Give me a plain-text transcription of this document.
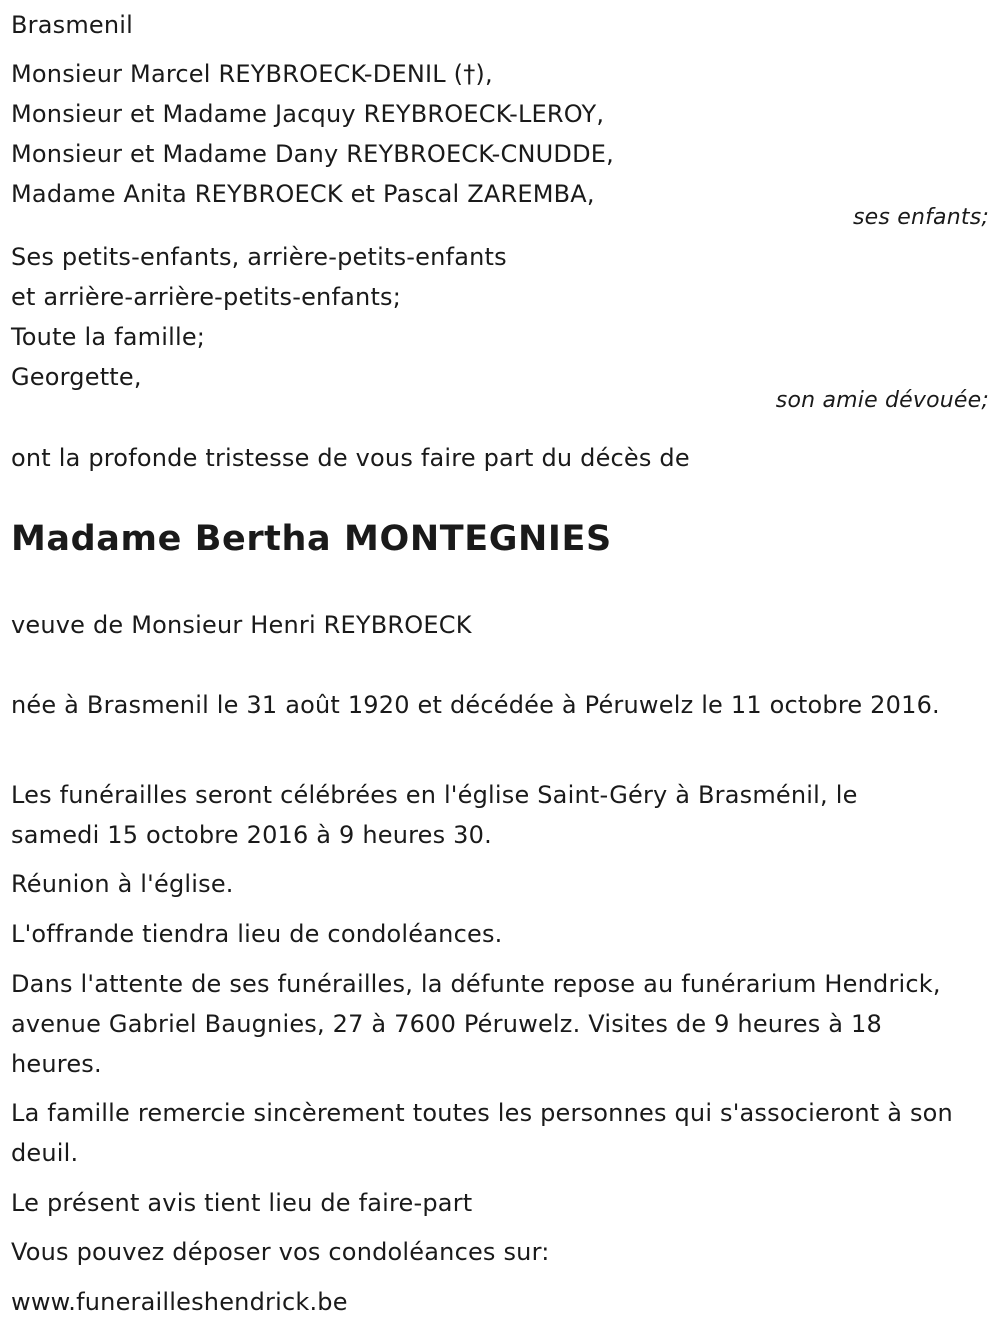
Brasmenil
Monsieur Marcel REYBROECK-DENIL (†),
Monsieur et Madame Jacquy REYBROECK-LEROY,
Monsieur et Madame Dany REYBROECK-CNUDDE,
Madame Anita REYBROECK et Pascal ZAREMBA,
ses enfants;
Ses petits-enfants, arrière-petits-enfants
et arrière-arrière-petits-enfants;
Toute la famille;
Georgette,
son amie dévouée;
ont la profonde tristesse de vous faire part du décès de
Madame Bertha MONTEGNIES
veuve de Monsieur Henri REYBROECK
née à Brasmenil le 31 août 1920 et décédée à Péruwelz le 11 octobre 2016.
Les funérailles seront célébrées en l'église Saint-Géry à Brasménil, le samedi 15 octobre 2016 à 9 heures 30.
Réunion à l'église.
L'offrande tiendra lieu de condoléances.
Dans l'attente de ses funérailles, la défunte repose au funérarium Hendrick, avenue Gabriel Baugnies, 27 à 7600 Péruwelz. Visites de 9 heures à 18 heures.
La famille remercie sincèrement toutes les personnes qui s'associeront à son deuil.
Le présent avis tient lieu de faire-part
Vous pouvez déposer vos condoléances sur:
www.funerailleshendrick.be
